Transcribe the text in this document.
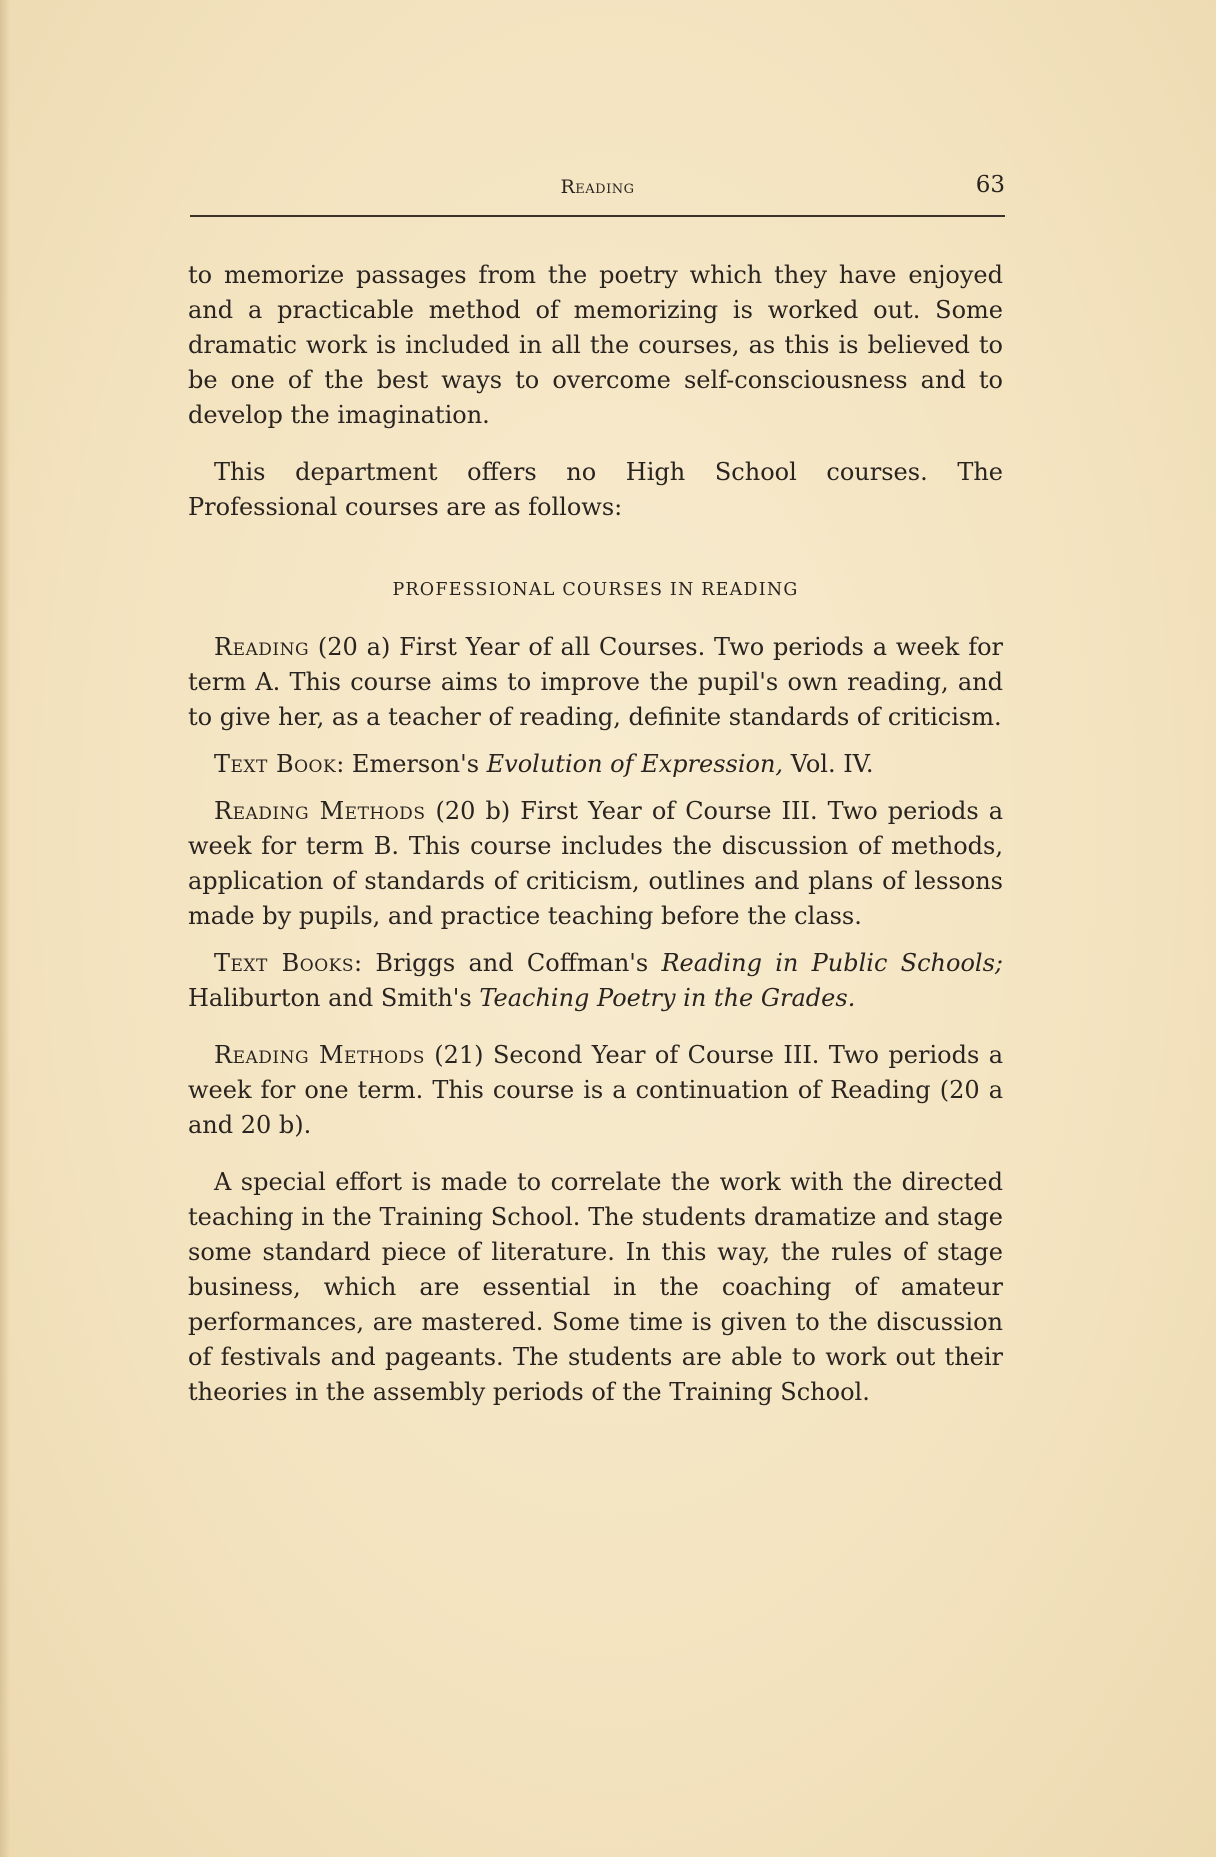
Reading	63

to memorize passages from the poetry which they have enjoyed and a practicable method of memorizing is worked out. Some dramatic work is included in all the courses, as this is believed to be one of the best ways to overcome self-consciousness and to develop the imagination.

This department offers no High School courses. The Professional courses are as follows:

PROFESSIONAL COURSES IN READING

Reading (20 a) First Year of all Courses. Two periods a week for term A. This course aims to improve the pupil's own reading, and to give her, as a teacher of reading, definite standards of criticism.

Text Book: Emerson's Evolution of Expression, Vol. IV.

Reading Methods (20 b) First Year of Course III. Two periods a week for term B. This course includes the discussion of methods, application of standards of criticism, outlines and plans of lessons made by pupils, and practice teaching before the class.

Text Books: Briggs and Coffman's Reading in Public Schools; Haliburton and Smith's Teaching Poetry in the Grades.

Reading Methods (21) Second Year of Course III. Two periods a week for one term. This course is a continuation of Reading (20 a and 20 b).

A special effort is made to correlate the work with the directed teaching in the Training School. The students dramatize and stage some standard piece of literature. In this way, the rules of stage business, which are essential in the coaching of amateur performances, are mastered. Some time is given to the discussion of festivals and pageants. The students are able to work out their theories in the assembly periods of the Training School.
